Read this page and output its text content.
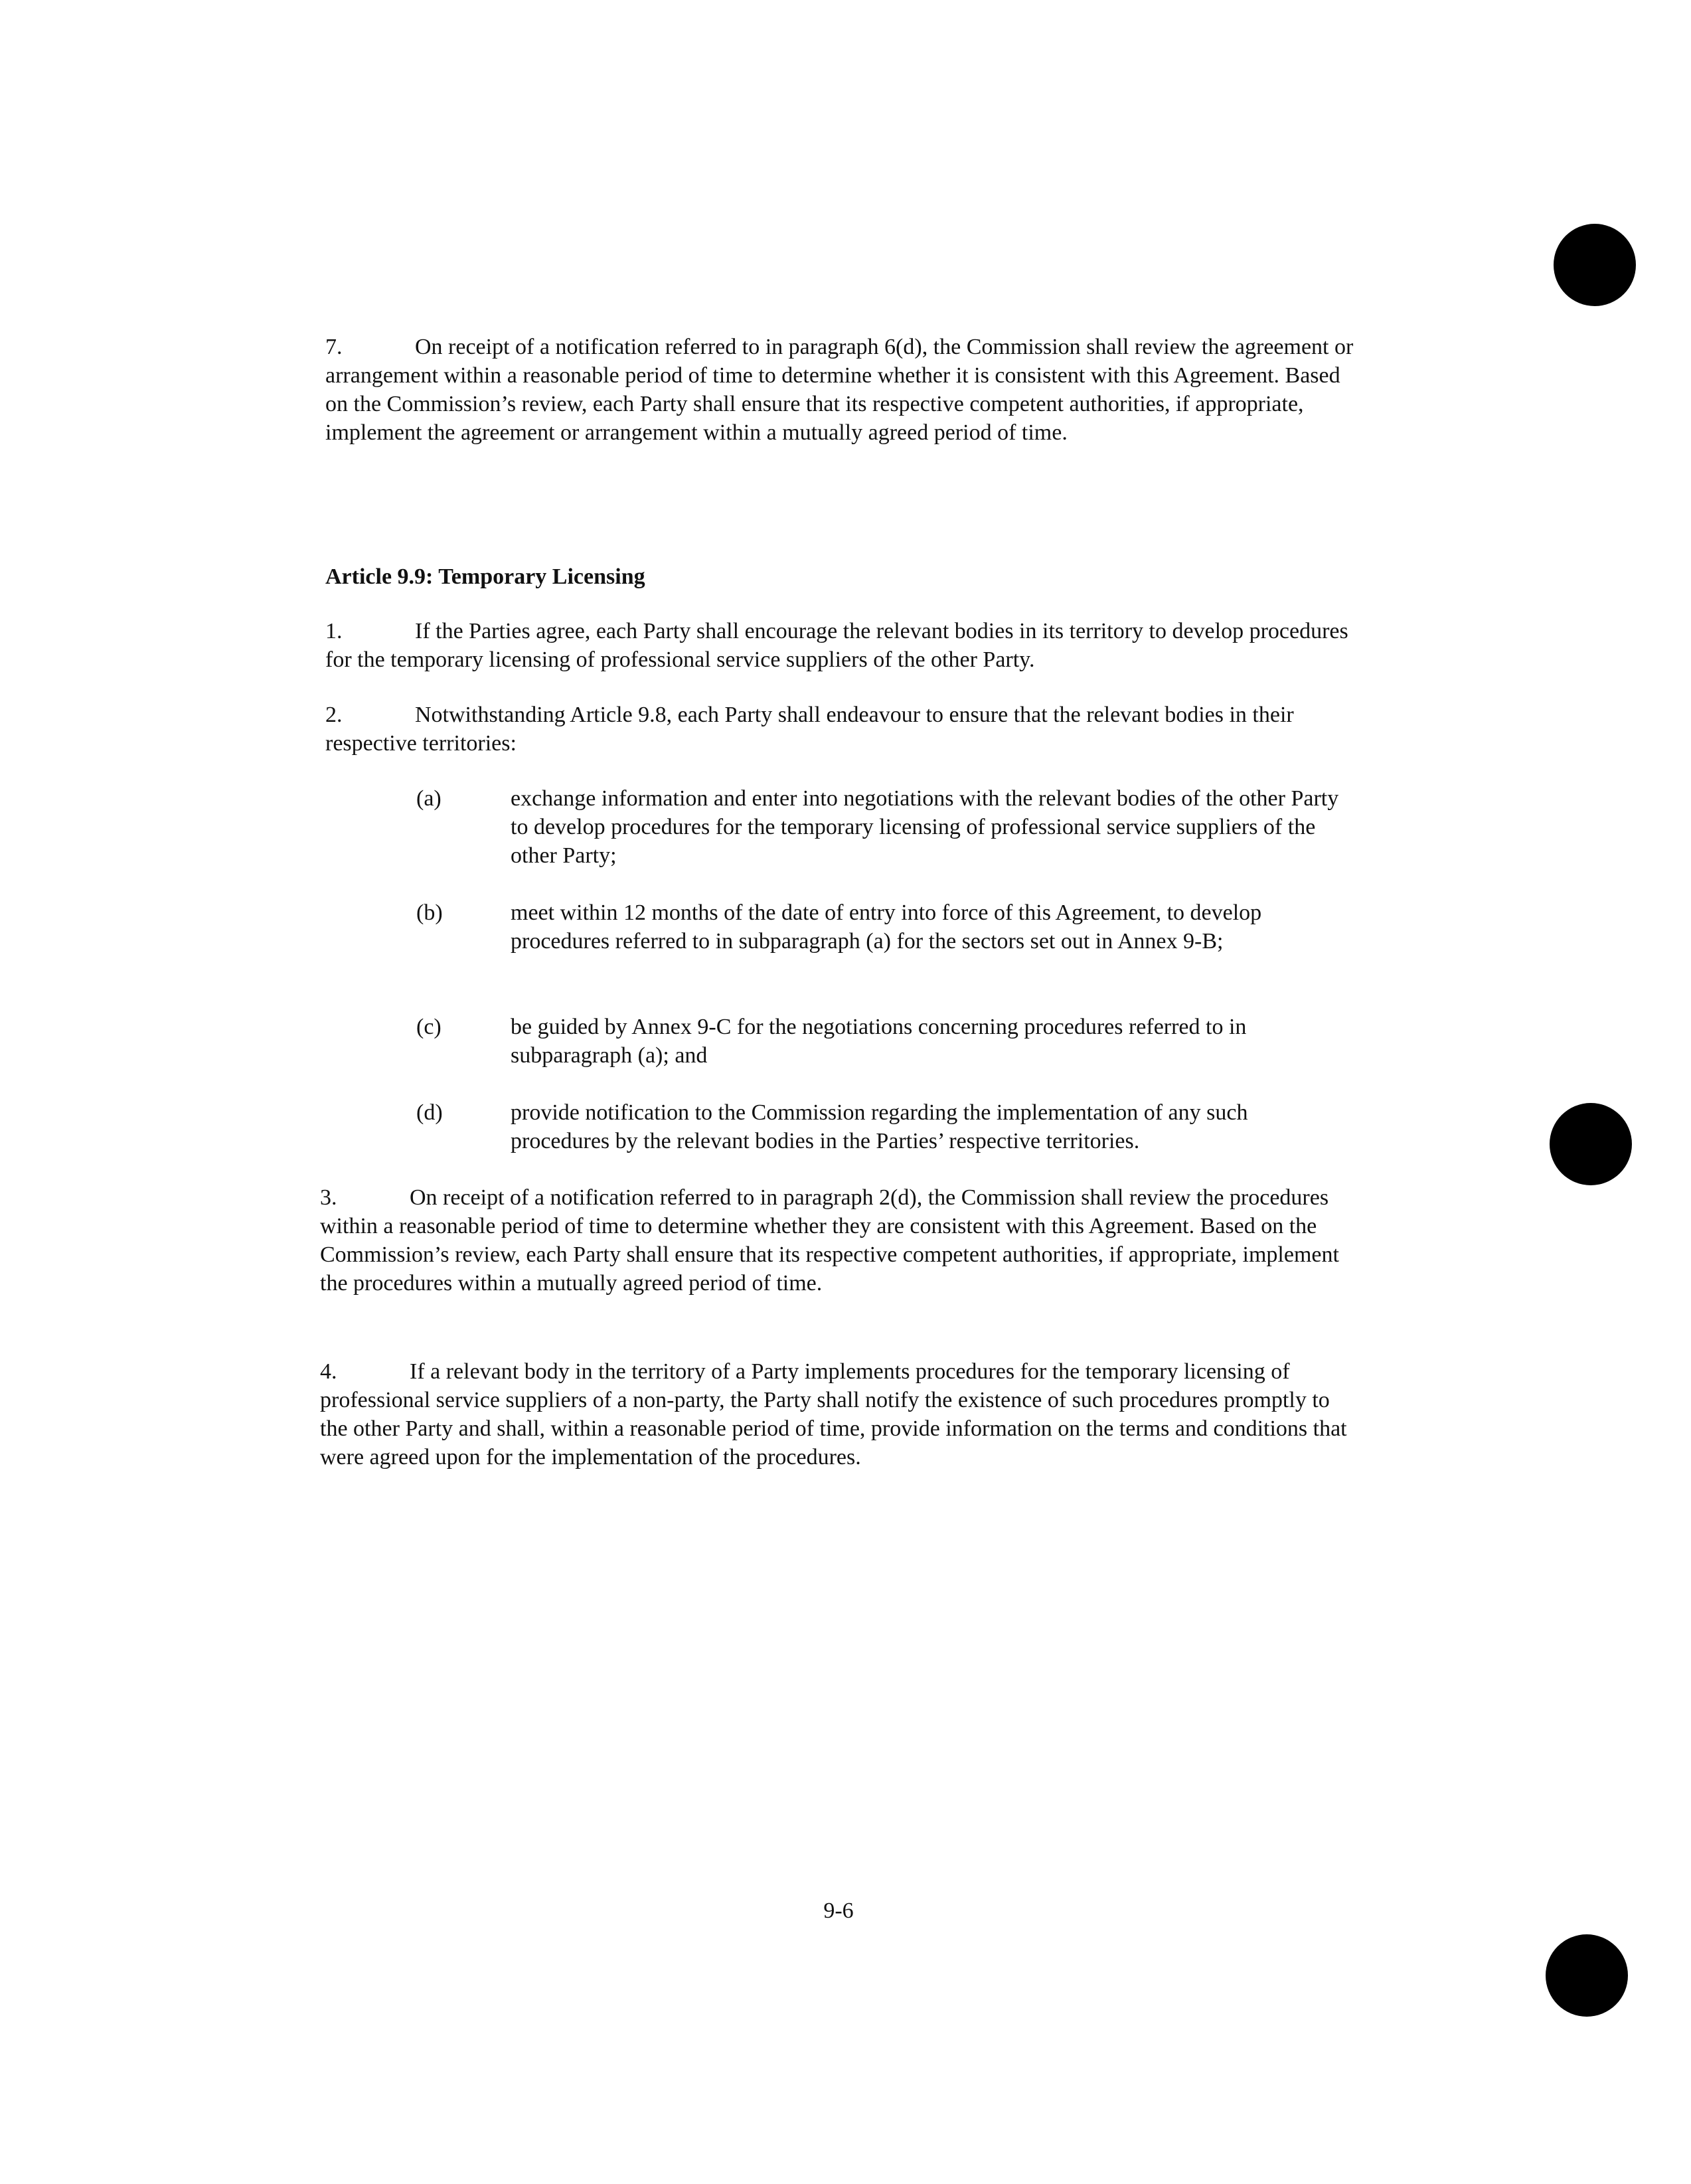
7.	On receipt of a notification referred to in paragraph 6(d), the Commission shall review the agreement or arrangement within a reasonable period of time to determine whether it is consistent with this Agreement. Based on the Commission’s review, each Party shall ensure that its respective competent authorities, if appropriate, implement the agreement or arrangement within a mutually agreed period of time.

Article 9.9: Temporary Licensing

1.	If the Parties agree, each Party shall encourage the relevant bodies in its territory to develop procedures for the temporary licensing of professional service suppliers of the other Party.

2.	Notwithstanding Article 9.8, each Party shall endeavour to ensure that the relevant bodies in their respective territories:

(a)	exchange information and enter into negotiations with the relevant bodies of the other Party to develop procedures for the temporary licensing of professional service suppliers of the other Party;
(b)	meet within 12 months of the date of entry into force of this Agreement, to develop procedures referred to in subparagraph (a) for the sectors set out in Annex 9-B;
(c)	be guided by Annex 9-C for the negotiations concerning procedures referred to in subparagraph (a); and
(d)	provide notification to the Commission regarding the implementation of any such procedures by the relevant bodies in the Parties’ respective territories.

3.	On receipt of a notification referred to in paragraph 2(d), the Commission shall review the procedures within a reasonable period of time to determine whether they are consistent with this Agreement. Based on the Commission’s review, each Party shall ensure that its respective competent authorities, if appropriate, implement the procedures within a mutually agreed period of time.

4.	If a relevant body in the territory of a Party implements procedures for the temporary licensing of professional service suppliers of a non-party, the Party shall notify the existence of such procedures promptly to the other Party and shall, within a reasonable period of time, provide information on the terms and conditions that were agreed upon for the implementation of the procedures.

9-6
